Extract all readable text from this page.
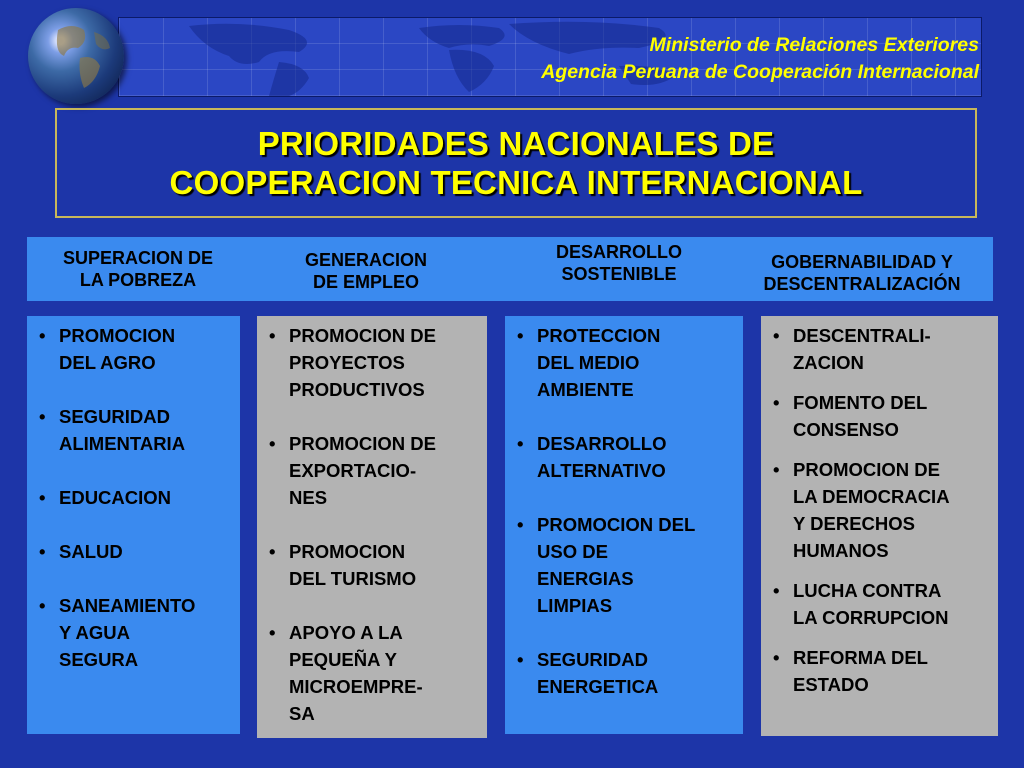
Ministerio de Relaciones Exteriores
Agencia Peruana de Cooperación Internacional
PRIORIDADES NACIONALES DE
COOPERACION TECNICA INTERNACIONAL
SUPERACION DE
LA POBREZA
GENERACION
DE EMPLEO
DESARROLLO
SOSTENIBLE
GOBERNABILIDAD Y
DESCENTRALIZACIÓN
• PROMOCION
DEL AGRO
• SEGURIDAD
ALIMENTARIA
• EDUCACION
• SALUD
• SANEAMIENTO
Y AGUA
SEGURA
• PROMOCION DE
PROYECTOS
PRODUCTIVOS
• PROMOCION DE
EXPORTACIO-
NES
• PROMOCION
DEL TURISMO
• APOYO A LA
PEQUEÑA Y
MICROEMPRE-
SA
• PROTECCION
DEL MEDIO
AMBIENTE
• DESARROLLO
ALTERNATIVO
• PROMOCION DEL
USO DE
ENERGIAS
LIMPIAS
• SEGURIDAD
ENERGETICA
• DESCENTRALI-
ZACION
• FOMENTO DEL
CONSENSO
• PROMOCION DE
LA DEMOCRACIA
Y DERECHOS
HUMANOS
• LUCHA CONTRA
LA CORRUPCION
• REFORMA DEL
ESTADO
